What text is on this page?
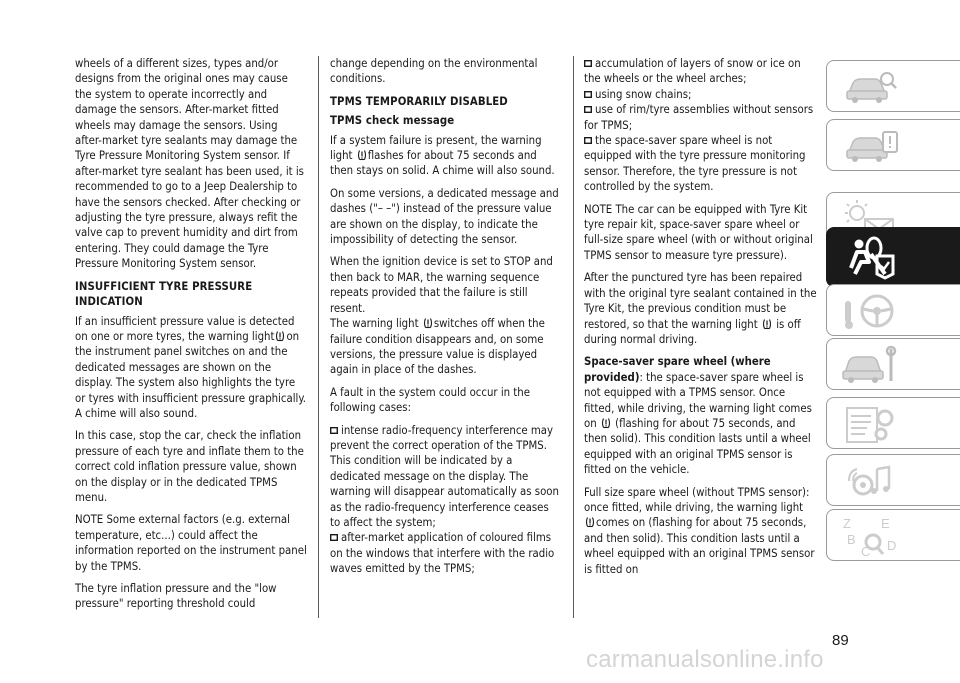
wheels of a different sizes, types and/or designs from the original ones may cause the system to operate incorrectly and damage the sensors. After-market fitted wheels may damage the sensors. Using after-market tyre sealants may damage the Tyre Pressure Monitoring System sensor. If after-market tyre sealant has been used, it is recommended to go to a Jeep Dealership to have the sensors checked. After checking or adjusting the tyre pressure, always refit the valve cap to prevent humidity and dirt from entering. They could damage the Tyre Pressure Monitoring System sensor.

INSUFFICIENT TYRE PRESSURE INDICATION

If an insufficient pressure value is detected on one or more tyres, the warning light on the instrument panel switches on and the dedicated messages are shown on the display. The system also highlights the tyre or tyres with insufficient pressure graphically. A chime will also sound.

In this case, stop the car, check the inflation pressure of each tyre and inflate them to the correct cold inflation pressure value, shown on the display or in the dedicated TPMS menu.

NOTE Some external factors (e.g. external temperature, etc...) could affect the information reported on the instrument panel by the TPMS.

The tyre inflation pressure and the "low pressure" reporting threshold could

change depending on the environmental conditions.

TPMS TEMPORARILY DISABLED
TPMS check message

If a system failure is present, the warning light flashes for about 75 seconds and then stays on solid. A chime will also sound.

On some versions, a dedicated message and dashes ("– –") instead of the pressure value are shown on the display, to indicate the impossibility of detecting the sensor.

When the ignition device is set to STOP and then back to MAR, the warning sequence repeats provided that the failure is still resent.

The warning light switches off when the failure condition disappears and, on some versions, the pressure value is displayed again in place of the dashes.

A fault in the system could occur in the following cases:

intense radio-frequency interference may prevent the correct operation of the TPMS. This condition will be indicated by a dedicated message on the display. The warning will disappear automatically as soon as the radio-frequency interference ceases to affect the system;

after-market application of coloured films on the windows that interfere with the radio waves emitted by the TPMS;

accumulation of layers of snow or ice on the wheels or the wheel arches;

using snow chains;

use of rim/tyre assemblies without sensors for TPMS;

the space-saver spare wheel is not equipped with the tyre pressure monitoring sensor. Therefore, the tyre pressure is not controlled by the system.

NOTE The car can be equipped with Tyre Kit tyre repair kit, space-saver spare wheel or full-size spare wheel (with or without original TPMS sensor to measure tyre pressure).

After the punctured tyre has been repaired with the original tyre sealant contained in the Tyre Kit, the previous condition must be restored, so that the warning light is off during normal driving.

Space-saver spare wheel (where provided): the space-saver spare wheel is not equipped with a TPMS sensor. Once fitted, while driving, the warning light comes on (flashing for about 75 seconds, and then solid). This condition lasts until a wheel equipped with an original TPMS sensor is fitted on the vehicle.

Full size spare wheel (without TPMS sensor): once fitted, while driving, the warning light comes on (flashing for about 75 seconds, and then solid). This condition lasts until a wheel equipped with an original TPMS sensor is fitted on

Z E
B
C D
89
carmanualsonline.info
